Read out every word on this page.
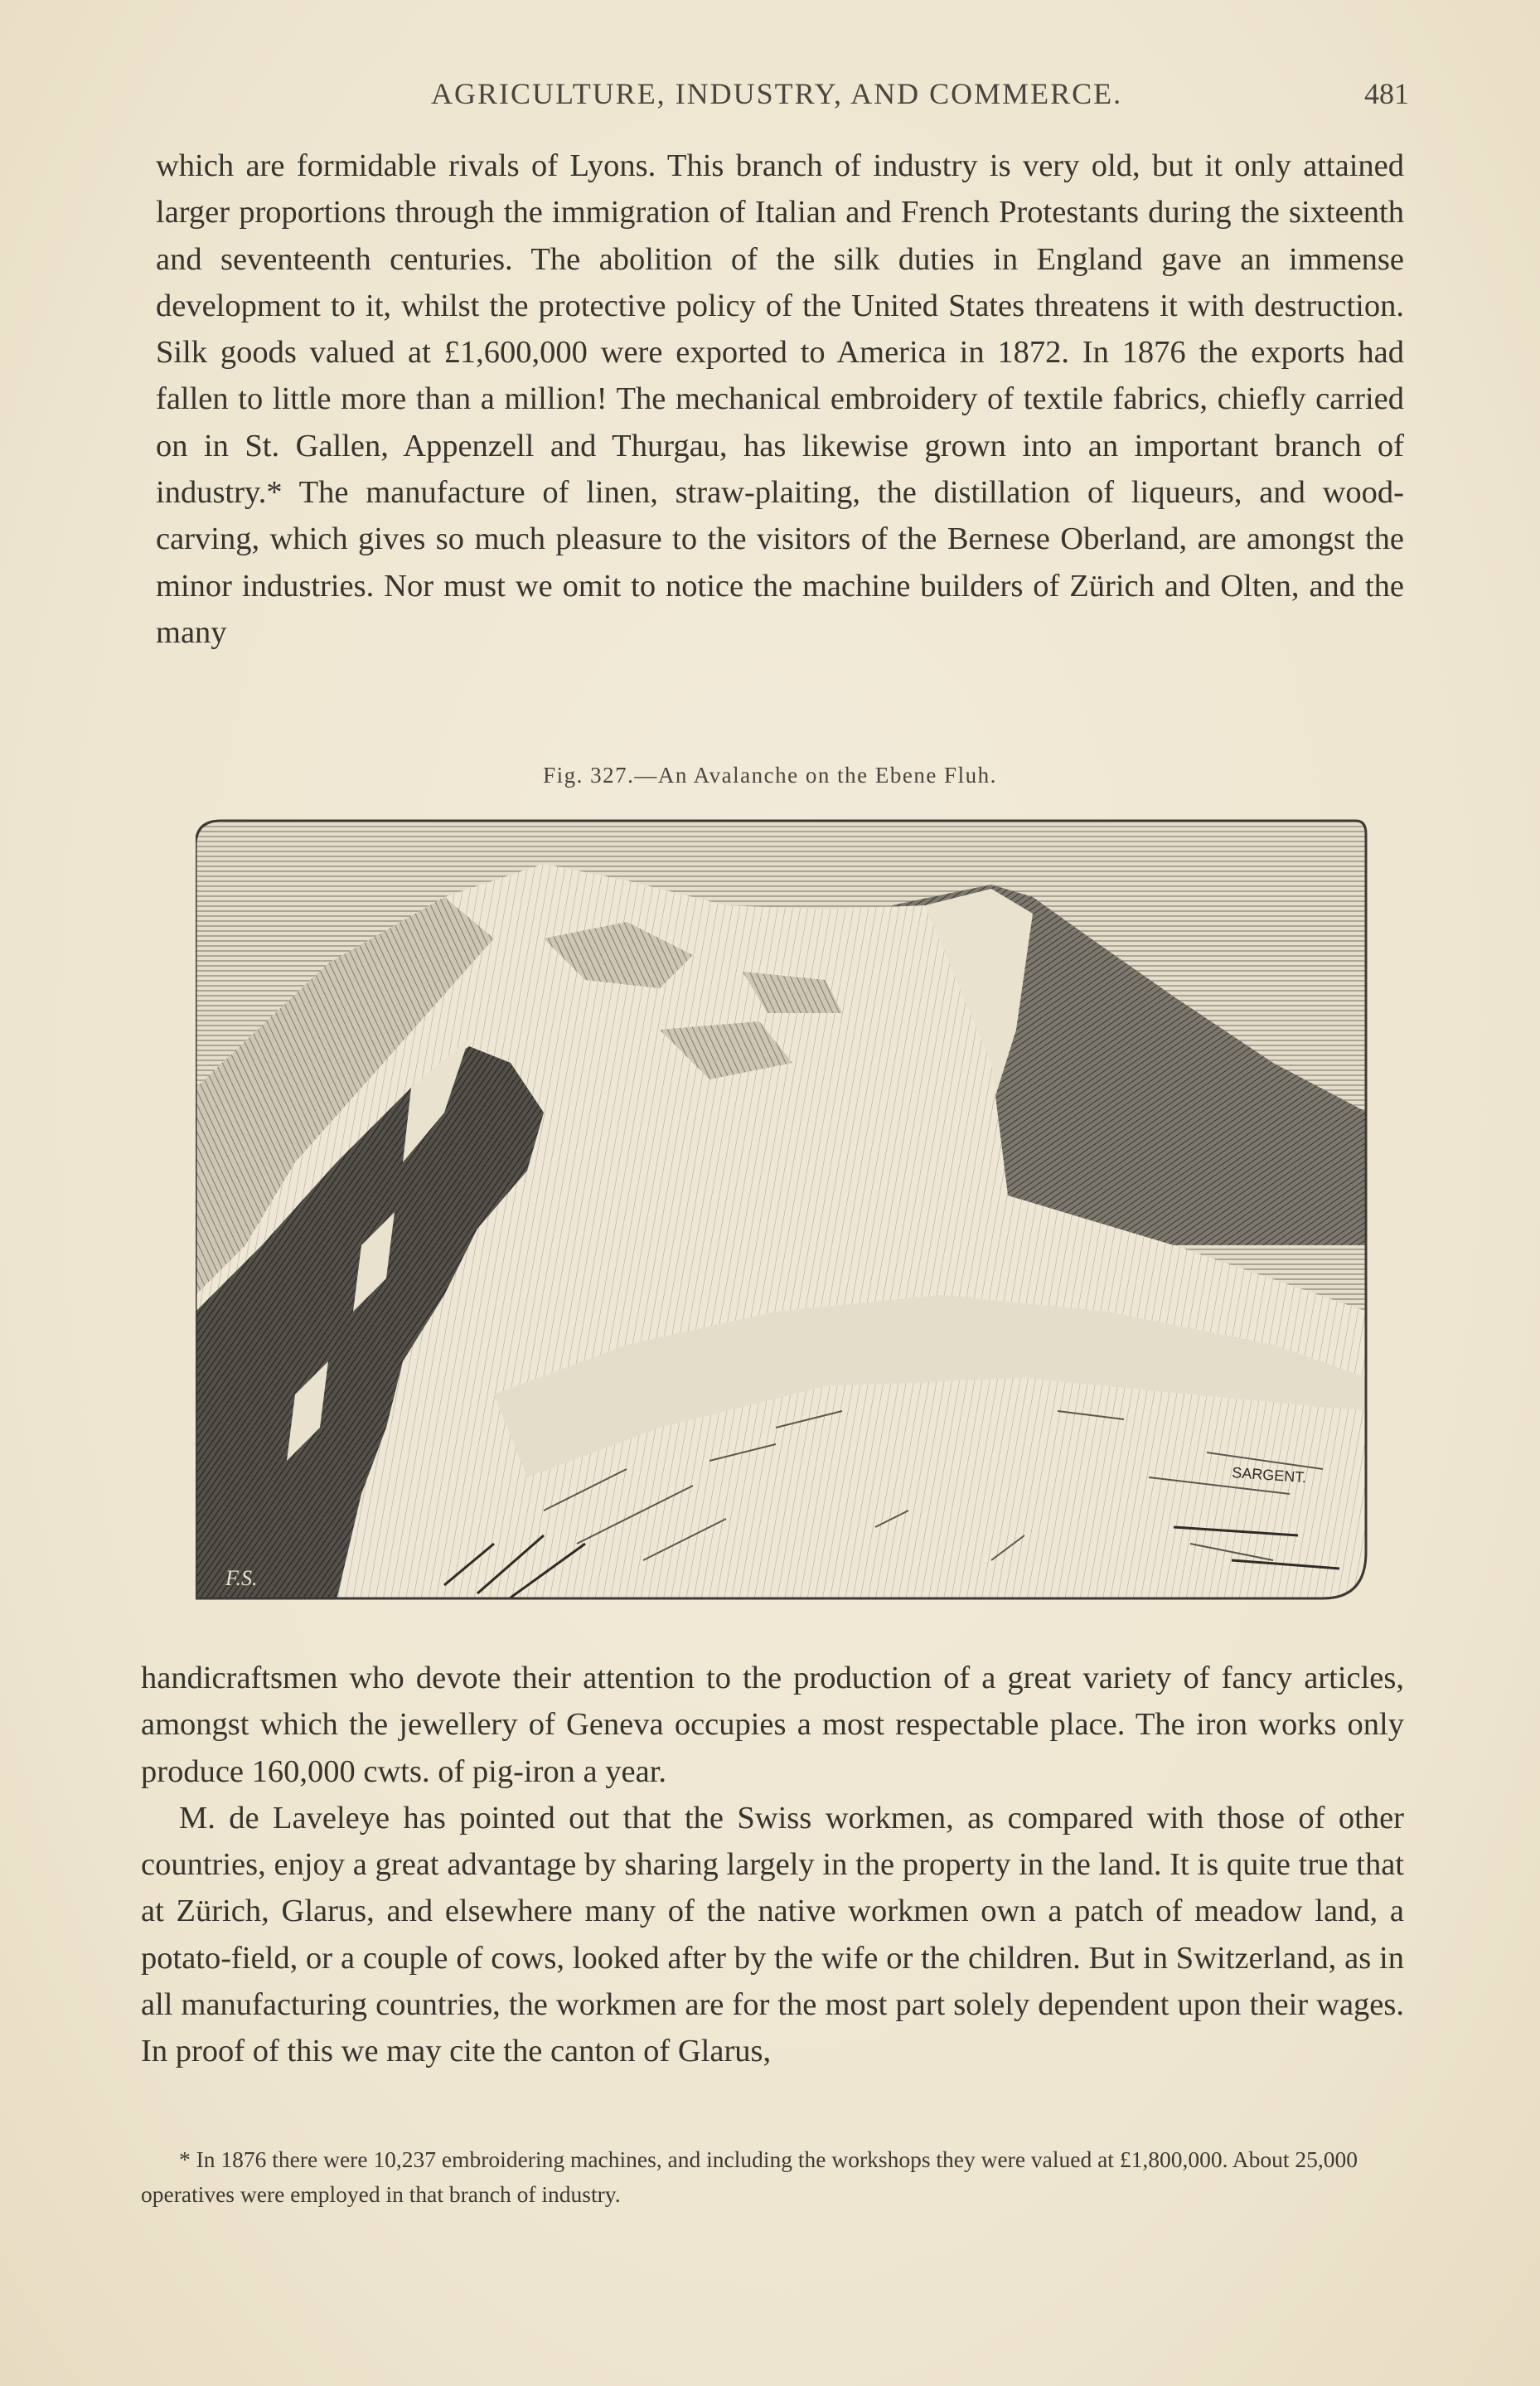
AGRICULTURE, INDUSTRY, AND COMMERCE.	481

which are formidable rivals of Lyons. This branch of industry is very old, but it only attained larger proportions through the immigration of Italian and French Protestants during the sixteenth and seventeenth centuries. The abolition of the silk duties in England gave an immense development to it, whilst the protective policy of the United States threatens it with destruction. Silk goods valued at £1,600,000 were exported to America in 1872. In 1876 the exports had fallen to little more than a million! The mechanical embroidery of textile fabrics, chiefly carried on in St. Gallen, Appenzell and Thurgau, has likewise grown into an important branch of industry.* The manufacture of linen, straw-plaiting, the distillation of liqueurs, and wood-carving, which gives so much pleasure to the visitors of the Bernese Oberland, are amongst the minor industries. Nor must we omit to notice the machine builders of Zürich and Olten, and the many

Fig. 327.—An Avalanche on the Ebene Fluh.
F.S.
SARGENT.

handicraftsmen who devote their attention to the production of a great variety of fancy articles, amongst which the jewellery of Geneva occupies a most respectable place. The iron works only produce 160,000 cwts. of pig-iron a year.

M. de Laveleye has pointed out that the Swiss workmen, as compared with those of other countries, enjoy a great advantage by sharing largely in the property in the land. It is quite true that at Zürich, Glarus, and elsewhere many of the native workmen own a patch of meadow land, a potato-field, or a couple of cows, looked after by the wife or the children. But in Switzerland, as in all manufacturing countries, the workmen are for the most part solely dependent upon their wages. In proof of this we may cite the canton of Glarus,

* In 1876 there were 10,237 embroidering machines, and including the workshops they were valued at £1,800,000. About 25,000 operatives were employed in that branch of industry.
